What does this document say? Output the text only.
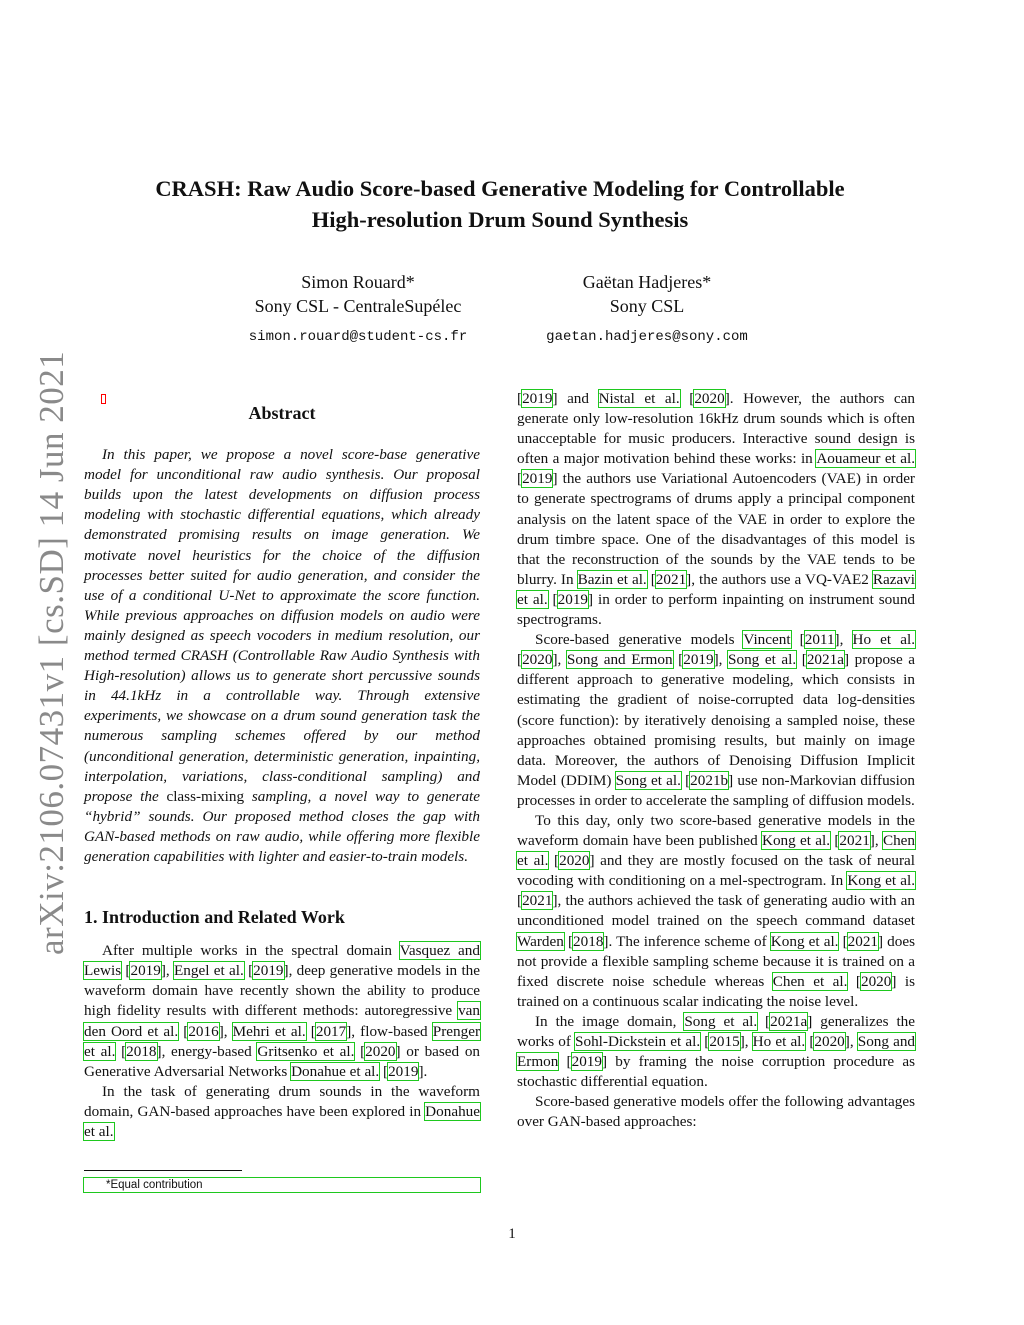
arXiv:2106.07431v1 [cs.SD] 14 Jun 2021
CRASH: Raw Audio Score-based Generative Modeling for Controllable
High-resolution Drum Sound Synthesis
Simon Rouard*
Sony CSL - CentraleSupélec
simon.rouard@student-cs.fr
Gaëtan Hadjeres*
Sony CSL
gaetan.hadjeres@sony.com
Abstract

In this paper, we propose a novel score-base generative model for unconditional raw audio synthesis. Our proposal builds upon the latest developments on diffusion process modeling with stochastic differential equations, which already demonstrated promising results on image generation. We motivate novel heuristics for the choice of the diffusion processes better suited for audio generation, and consider the use of a conditional U-Net to approximate the score function. While previous approaches on diffusion models on audio were mainly designed as speech vocoders in medium resolution, our method termed CRASH (Controllable Raw Audio Synthesis with High-resolution) allows us to generate short percussive sounds in 44.1kHz in a controllable way. Through extensive experiments, we showcase on a drum sound generation task the numerous sampling schemes offered by our method (unconditional generation, deterministic generation, inpainting, interpolation, variations, class-conditional sampling) and propose the class-mixing sampling, a novel way to generate “hybrid” sounds. Our proposed method closes the gap with GAN-based methods on raw audio, while offering more flexible generation capabilities with lighter and easier-to-train models.

1. Introduction and Related Work

After multiple works in the spectral domain Vasquez and Lewis [2019], Engel et al. [2019], deep generative models in the waveform domain have recently shown the ability to produce high fidelity results with different methods: autoregressive van den Oord et al. [2016], Mehri et al. [2017], flow-based Prenger et al. [2018], energy-based Gritsenko et al. [2020] or based on Generative Adversarial Networks Donahue et al. [2019].

In the task of generating drum sounds in the waveform domain, GAN-based approaches have been explored in Donahue et al.

*Equal contribution

[2019] and Nistal et al. [2020]. However, the authors can generate only low-resolution 16kHz drum sounds which is often unacceptable for music producers. Interactive sound design is often a major motivation behind these works: in Aouameur et al. [2019] the authors use Variational Autoencoders (VAE) in order to generate spectrograms of drums apply a principal component analysis on the latent space of the VAE in order to explore the drum timbre space. One of the disadvantages of this model is that the reconstruction of the sounds by the VAE tends to be blurry. In Bazin et al. [2021], the authors use a VQ-VAE2 Razavi et al. [2019] in order to perform inpainting on instrument sound spectrograms.

Score-based generative models Vincent [2011], Ho et al. [2020], Song and Ermon [2019], Song et al. [2021a] propose a different approach to generative modeling, which consists in estimating the gradient of noise-corrupted data log-densities (score function): by iteratively denoising a sampled noise, these approaches obtained promising results, but mainly on image data. Moreover, the authors of Denoising Diffusion Implicit Model (DDIM) Song et al. [2021b] use non-Markovian diffusion processes in order to accelerate the sampling of diffusion models.

To this day, only two score-based generative models in the waveform domain have been published Kong et al. [2021], Chen et al. [2020] and they are mostly focused on the task of neural vocoding with conditioning on a mel-spectrogram. In Kong et al. [2021], the authors achieved the task of generating audio with an unconditioned model trained on the speech command dataset Warden [2018]. The inference scheme of Kong et al. [2021] does not provide a flexible sampling scheme because it is trained on a fixed discrete noise schedule whereas Chen et al. [2020] is trained on a continuous scalar indicating the noise level.

In the image domain, Song et al. [2021a] generalizes the works of Sohl-Dickstein et al. [2015], Ho et al. [2020], Song and Ermon [2019] by framing the noise corruption procedure as stochastic differential equation.

Score-based generative models offer the following advantages over GAN-based approaches:

1
